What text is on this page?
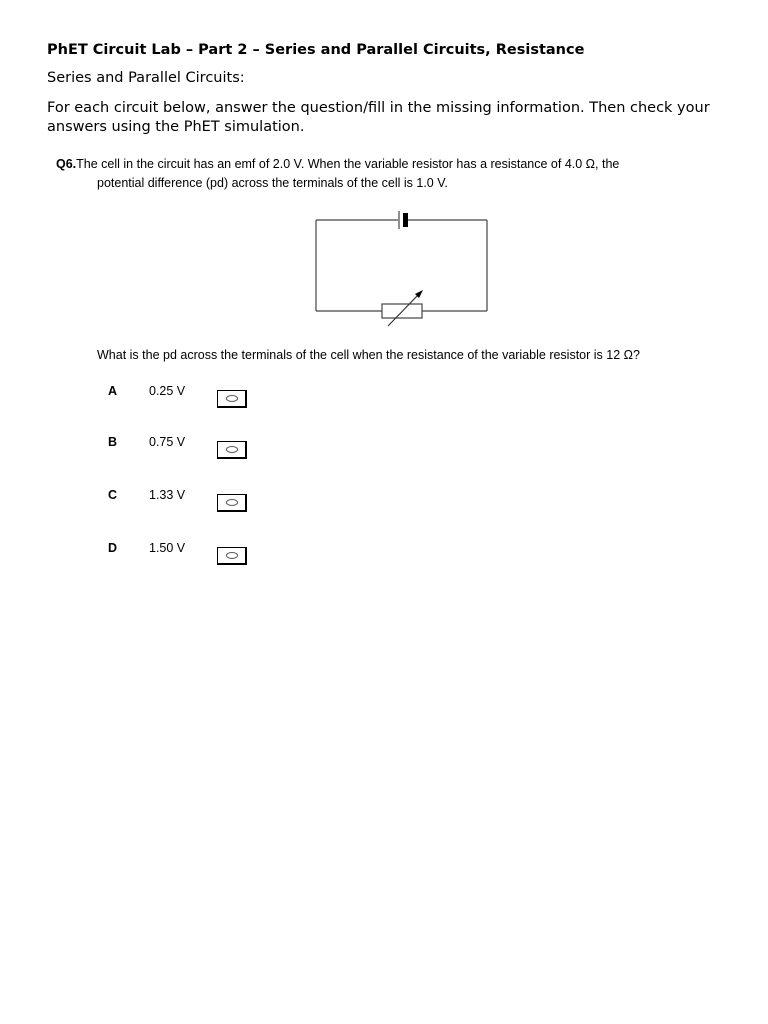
PhET Circuit Lab – Part 2 – Series and Parallel Circuits, Resistance

Series and Parallel Circuits:

For each circuit below, answer the question/fill in the missing information. Then check your answers using the PhET simulation.

Q6.The cell in the circuit has an emf of 2.0 V. When the variable resistor has a resistance of 4.0 Ω, the
potential difference (pd) across the terminals of the cell is 1.0 V.
What is the pd across the terminals of the cell when the resistance of the variable resistor is 12 Ω?
A	0.25 V
B	0.75 V
C	1.33 V
D	1.50 V
